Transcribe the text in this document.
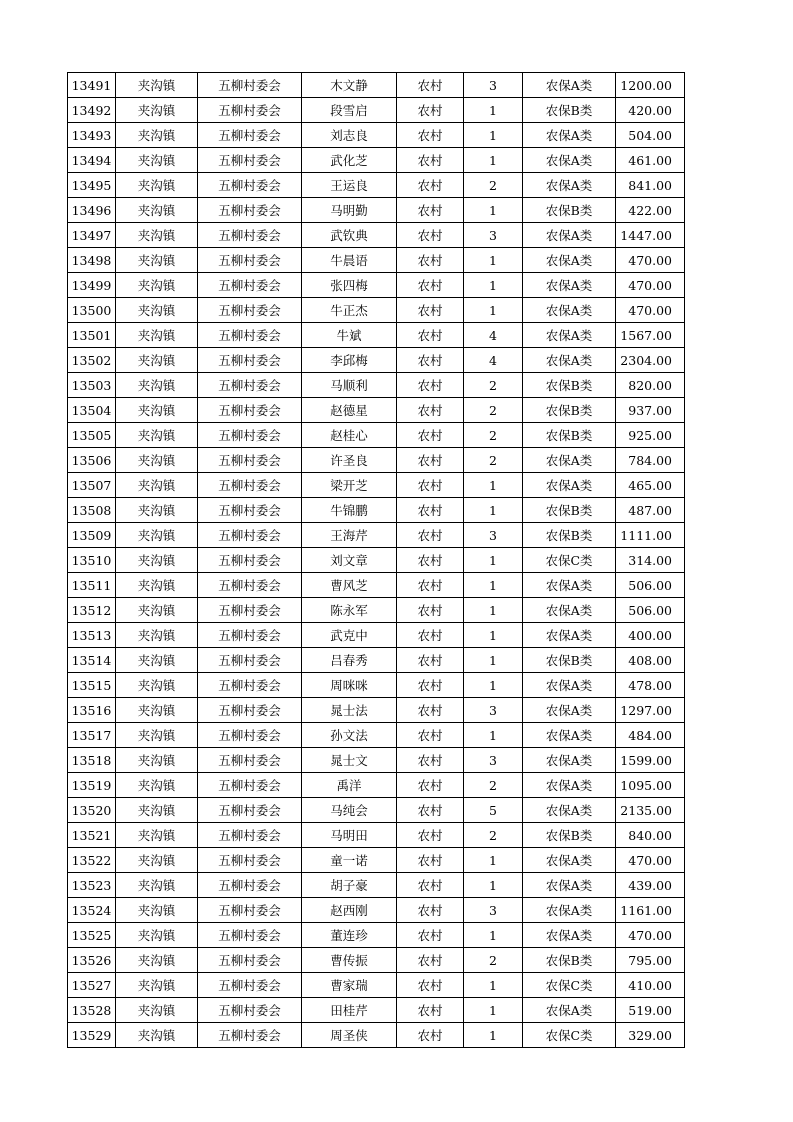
13491	夹沟镇	五柳村委会	木文静	农村	3	农保A类	1200.00
13492	夹沟镇	五柳村委会	段雪启	农村	1	农保B类	420.00
13493	夹沟镇	五柳村委会	刘志良	农村	1	农保A类	504.00
13494	夹沟镇	五柳村委会	武化芝	农村	1	农保A类	461.00
13495	夹沟镇	五柳村委会	王运良	农村	2	农保A类	841.00
13496	夹沟镇	五柳村委会	马明勤	农村	1	农保B类	422.00
13497	夹沟镇	五柳村委会	武钦典	农村	3	农保A类	1447.00
13498	夹沟镇	五柳村委会	牛晨语	农村	1	农保A类	470.00
13499	夹沟镇	五柳村委会	张四梅	农村	1	农保A类	470.00
13500	夹沟镇	五柳村委会	牛正杰	农村	1	农保A类	470.00
13501	夹沟镇	五柳村委会	牛斌	农村	4	农保A类	1567.00
13502	夹沟镇	五柳村委会	李邱梅	农村	4	农保A类	2304.00
13503	夹沟镇	五柳村委会	马顺利	农村	2	农保B类	820.00
13504	夹沟镇	五柳村委会	赵德星	农村	2	农保B类	937.00
13505	夹沟镇	五柳村委会	赵桂心	农村	2	农保B类	925.00
13506	夹沟镇	五柳村委会	许圣良	农村	2	农保A类	784.00
13507	夹沟镇	五柳村委会	梁开芝	农村	1	农保A类	465.00
13508	夹沟镇	五柳村委会	牛锦鹏	农村	1	农保B类	487.00
13509	夹沟镇	五柳村委会	王海芹	农村	3	农保B类	1111.00
13510	夹沟镇	五柳村委会	刘文章	农村	1	农保C类	314.00
13511	夹沟镇	五柳村委会	曹风芝	农村	1	农保A类	506.00
13512	夹沟镇	五柳村委会	陈永军	农村	1	农保A类	506.00
13513	夹沟镇	五柳村委会	武克中	农村	1	农保A类	400.00
13514	夹沟镇	五柳村委会	吕春秀	农村	1	农保B类	408.00
13515	夹沟镇	五柳村委会	周咪咪	农村	1	农保A类	478.00
13516	夹沟镇	五柳村委会	晁士法	农村	3	农保A类	1297.00
13517	夹沟镇	五柳村委会	孙文法	农村	1	农保A类	484.00
13518	夹沟镇	五柳村委会	晁士文	农村	3	农保A类	1599.00
13519	夹沟镇	五柳村委会	禹洋	农村	2	农保A类	1095.00
13520	夹沟镇	五柳村委会	马纯会	农村	5	农保A类	2135.00
13521	夹沟镇	五柳村委会	马明田	农村	2	农保B类	840.00
13522	夹沟镇	五柳村委会	童一诺	农村	1	农保A类	470.00
13523	夹沟镇	五柳村委会	胡子豪	农村	1	农保A类	439.00
13524	夹沟镇	五柳村委会	赵西刚	农村	3	农保A类	1161.00
13525	夹沟镇	五柳村委会	董连珍	农村	1	农保A类	470.00
13526	夹沟镇	五柳村委会	曹传振	农村	2	农保B类	795.00
13527	夹沟镇	五柳村委会	曹家瑞	农村	1	农保C类	410.00
13528	夹沟镇	五柳村委会	田桂芹	农村	1	农保A类	519.00
13529	夹沟镇	五柳村委会	周圣侠	农村	1	农保C类	329.00
